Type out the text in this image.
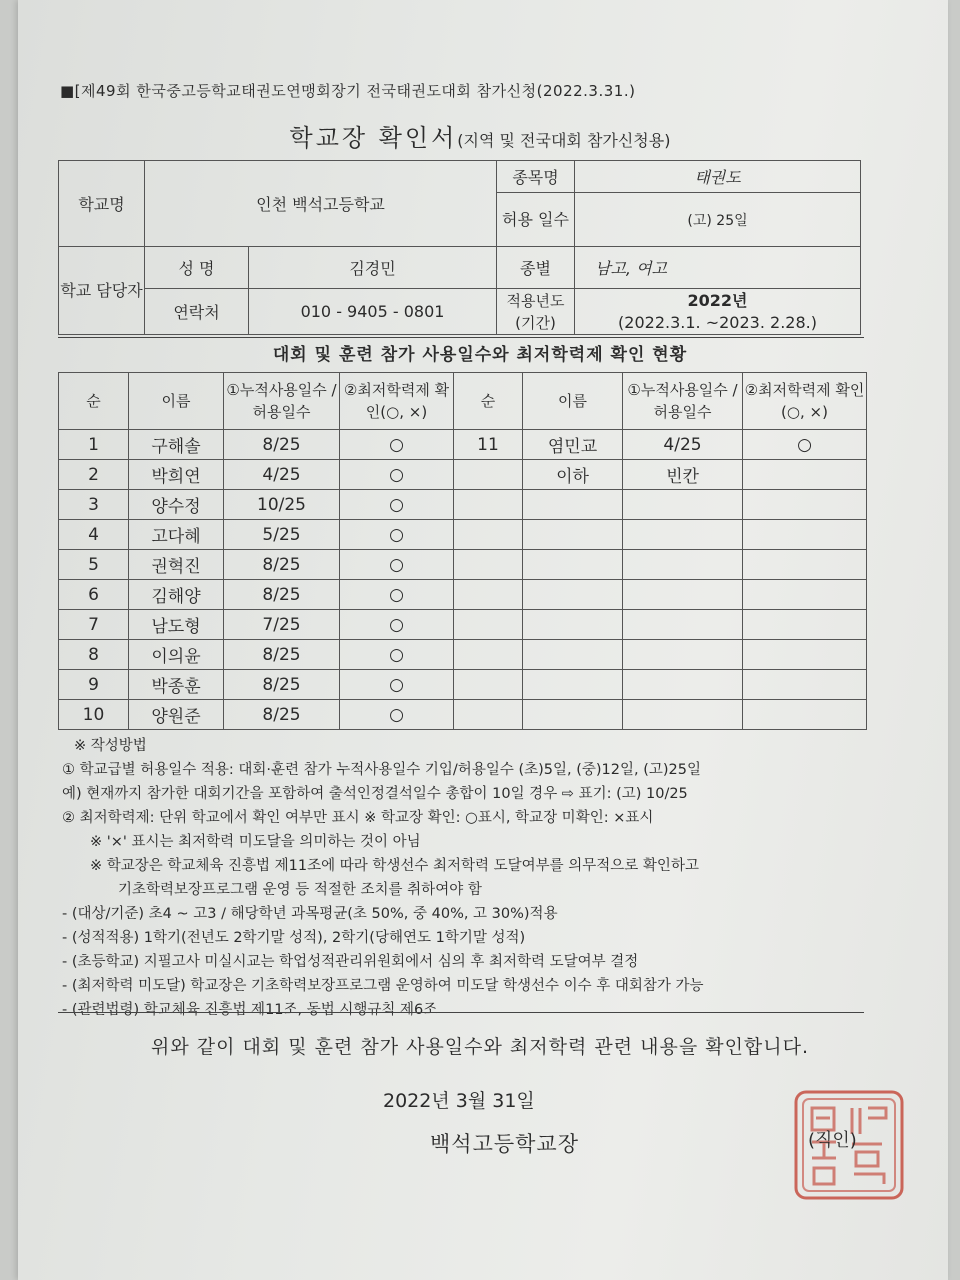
■[제49회 한국중고등학교태권도연맹회장기 전국태권도대회 참가신청(2022.3.31.)
학교장 확인서(지역 및 전국대회 참가신청용)
학교명	인천 백석고등학교		종목명	태권도
			허용 일수	(고) 25일
학교 담당자	성 명	김경민	종별	남고, 여고
	연락처	010 - 9405 - 0801	적용년도 (기간)	2022년
(2022.3.1. ~2023. 2.28.)
대회 및 훈련 참가 사용일수와 최저학력제 확인 현황
순	이름	①누적사용일수 /허용일수	②최저학력제 확인(○, ×)	순	이름	①누적사용일수 /허용일수	②최저학력제 확인(○, ×)
1	구해솔	8/25	○	11	염민교	4/25	○
2	박희연	4/25	○		이하	빈칸	
3	양수정	10/25	○				
4	고다혜	5/25	○				
5	권혁진	8/25	○				
6	김해양	8/25	○				
7	남도형	7/25	○				
8	이의윤	8/25	○				
9	박종훈	8/25	○				
10	양원준	8/25	○				
※ 작성방법
① 학교급별 허용일수 적용: 대회·훈련 참가 누적사용일수 기입/허용일수 (초)5일, (중)12일, (고)25일
예) 현재까지 참가한 대회기간을 포함하여 출석인정결석일수 총합이 10일 경우 ⇨ 표기: (고) 10/25
② 최저학력제: 단위 학교에서 확인 여부만 표시 ※ 학교장 확인: ○표시, 학교장 미확인: ×표시
※ '×' 표시는 최저학력 미도달을 의미하는 것이 아님
※ 학교장은 학교체육 진흥법 제11조에 따라 학생선수 최저학력 도달여부를 의무적으로 확인하고
기초학력보장프로그램 운영 등 적절한 조치를 취하여야 함
- (대상/기준) 초4 ~ 고3 / 해당학년 과목평균(초 50%, 중 40%, 고 30%)적용
- (성적적용) 1학기(전년도 2학기말 성적), 2학기(당해연도 1학기말 성적)
- (초등학교) 지필고사 미실시교는 학업성적관리위원회에서 심의 후 최저학력 도달여부 결정
- (최저학력 미도달) 학교장은 기초학력보장프로그램 운영하여 미도달 학생선수 이수 후 대회참가 가능
- (관련법령) 학교체육 진흥법 제11조, 동법 시행규칙 제6조
위와 같이 대회 및 훈련 참가 사용일수와 최저학력 관련 내용을 확인합니다.
2022년 3월 31일
백석고등학교장	(직인)
